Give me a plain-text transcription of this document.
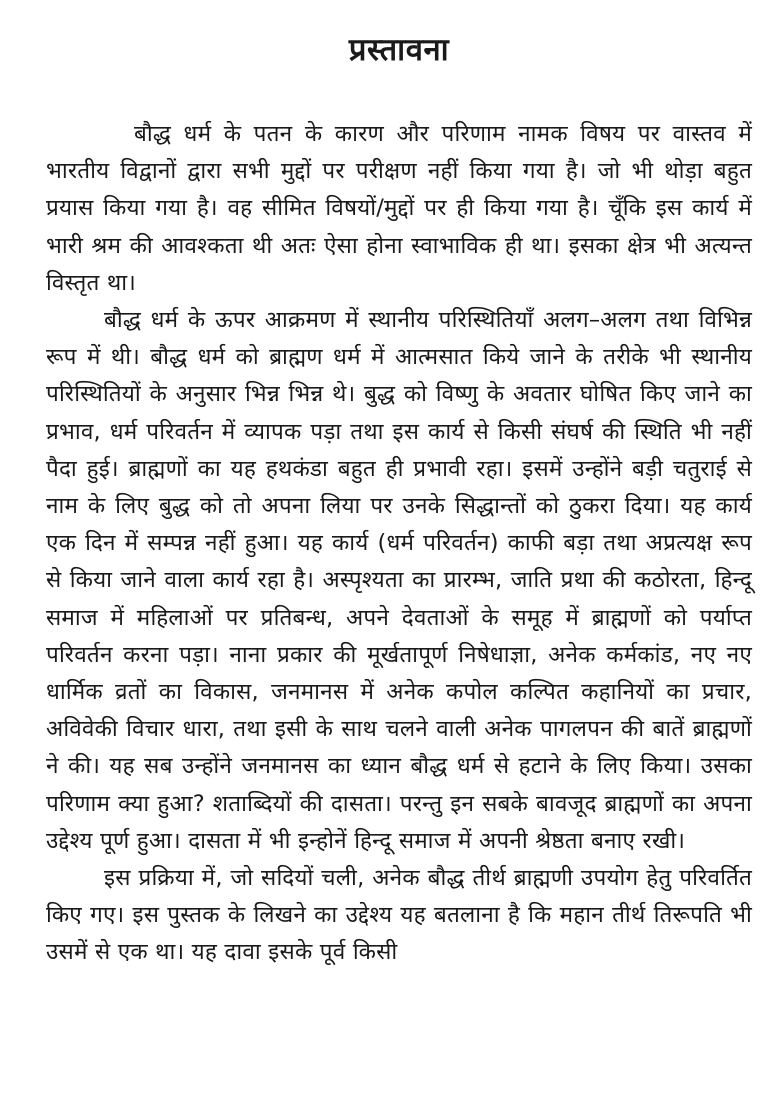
प्रस्तावना

बौद्ध धर्म के पतन के कारण और परिणाम नामक विषय पर वास्तव में भारतीय विद्वानों द्वारा सभी मुद्दों पर परीक्षण नहीं किया गया है। जो भी थोड़ा बहुत प्रयास किया गया है। वह सीमित विषयों/मुद्दों पर ही किया गया है। चूँकि इस कार्य में भारी श्रम की आवश्कता थी अतः ऐसा होना स्वाभाविक ही था। इसका क्षेत्र भी अत्यन्त विस्तृत था।

बौद्ध धर्म के ऊपर आक्रमण में स्थानीय परिस्थितियाँ अलग–अलग तथा विभिन्न रूप में थी। बौद्ध धर्म को ब्राह्मण धर्म में आत्मसात किये जाने के तरीके भी स्थानीय परिस्थितियों के अनुसार भिन्न भिन्न थे। बुद्ध को विष्णु के अवतार घोषित किए जाने का प्रभाव, धर्म परिवर्तन में व्यापक पड़ा तथा इस कार्य से किसी संघर्ष की स्थिति भी नहीं पैदा हुई। ब्राह्मणों का यह हथकंडा बहुत ही प्रभावी रहा। इसमें उन्होंने बड़ी चतुराई से नाम के लिए बुद्ध को तो अपना लिया पर उनके सिद्धान्तों को ठुकरा दिया। यह कार्य एक दिन में सम्पन्न नहीं हुआ। यह कार्य (धर्म परिवर्तन) काफी बड़ा तथा अप्रत्यक्ष रूप से किया जाने वाला कार्य रहा है। अस्पृश्यता का प्रारम्भ, जाति प्रथा की कठोरता, हिन्दू समाज में महिलाओं पर प्रतिबन्ध, अपने देवताओं के समूह में ब्राह्मणों को पर्याप्त परिवर्तन करना पड़ा। नाना प्रकार की मूर्खतापूर्ण निषेधाज्ञा, अनेक कर्मकांड, नए नए धार्मिक व्रतों का विकास, जनमानस में अनेक कपोल कल्पित कहानियों का प्रचार, अविवेकी विचार धारा, तथा इसी के साथ चलने वाली अनेक पागलपन की बातें ब्राह्मणों ने की। यह सब उन्होंने जनमानस का ध्यान बौद्ध धर्म से हटाने के लिए किया। उसका परिणाम क्या हुआ? शताब्दियों की दासता। परन्तु इन सबके बावजूद ब्राह्मणों का अपना उद्देश्य पूर्ण हुआ। दासता में भी इन्होनें हिन्दू समाज में अपनी श्रेष्ठता बनाए रखी।

इस प्रक्रिया में, जो सदियों चली, अनेक बौद्ध तीर्थ ब्राह्मणी उपयोग हेतु परिवर्तित किए गए। इस पुस्तक के लिखने का उद्देश्य यह बतलाना है कि महान तीर्थ तिरूपति भी उसमें से एक था। यह दावा इसके पूर्व किसी
